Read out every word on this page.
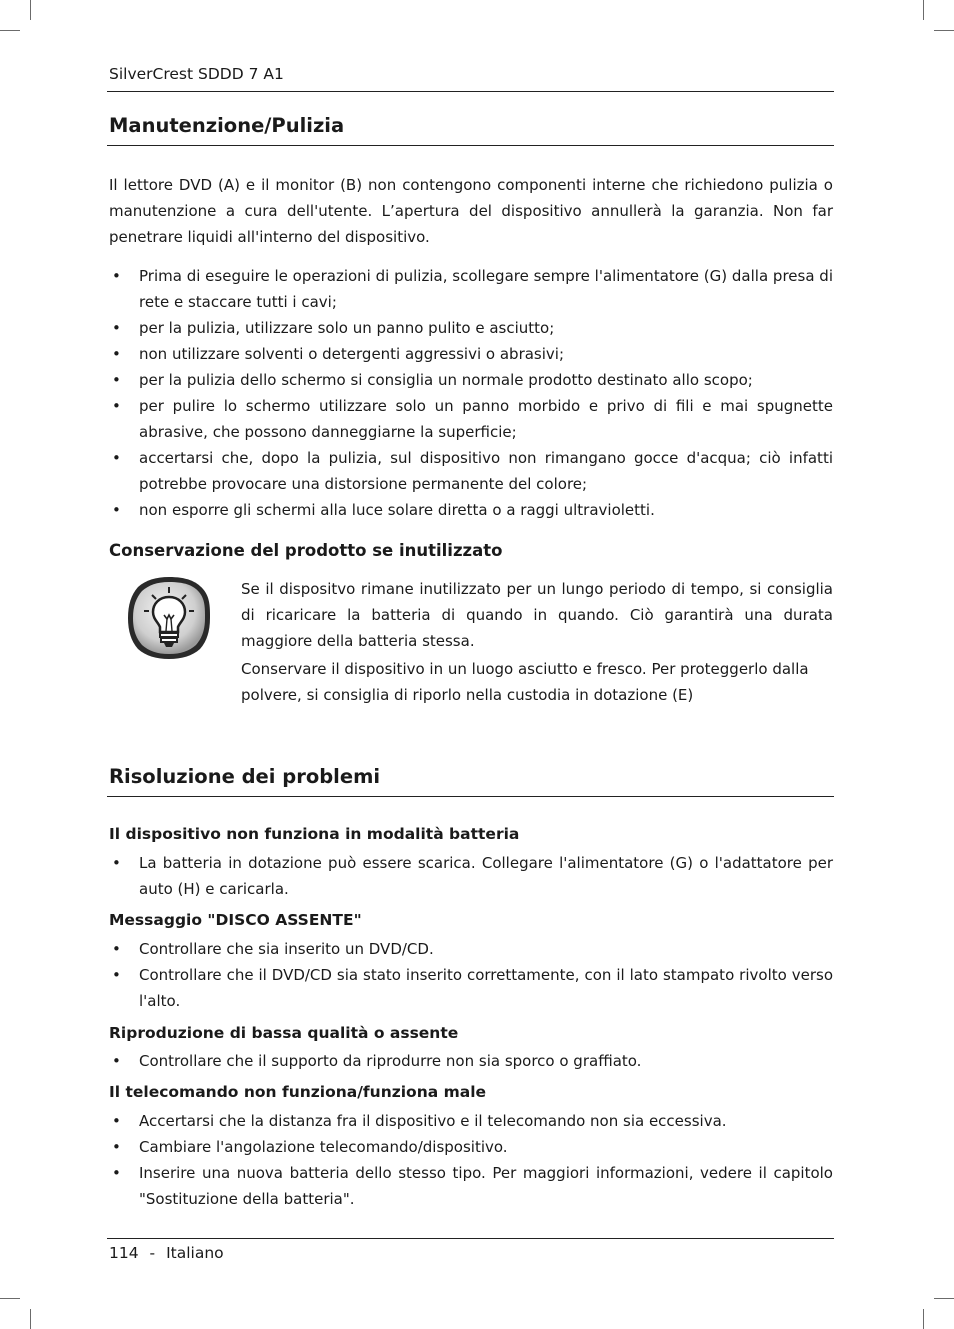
SilverCrest SDDD 7 A1
Manutenzione/Pulizia
Il lettore DVD (A) e il monitor (B) non contengono componenti interne che richiedono pulizia o manutenzione a cura dell'utente. L’apertura del dispositivo annullerà la garanzia. Non far penetrare liquidi all'interno del dispositivo.
• Prima di eseguire le operazioni di pulizia, scollegare sempre l'alimentatore (G) dalla presa di rete e staccare tutti i cavi;
• per la pulizia, utilizzare solo un panno pulito e asciutto;
• non utilizzare solventi o detergenti aggressivi o abrasivi;
• per la pulizia dello schermo si consiglia un normale prodotto destinato allo scopo;
• per pulire lo schermo utilizzare solo un panno morbido e privo di fili e mai spugnette abrasive, che possono danneggiarne la superficie;
• accertarsi che, dopo la pulizia, sul dispositivo non rimangano gocce d'acqua; ciò infatti potrebbe provocare una distorsione permanente del colore;
• non esporre gli schermi alla luce solare diretta o a raggi ultravioletti.
Conservazione del prodotto se inutilizzato
Se il dispositvo rimane inutilizzato per un lungo periodo di tempo, si consiglia di ricaricare la batteria di quando in quando. Ciò garantirà una durata maggiore della batteria stessa.
Conservare il dispositivo in un luogo asciutto e fresco. Per proteggerlo dalla polvere, si consiglia di riporlo nella custodia in dotazione (E)
Risoluzione dei problemi
Il dispositivo non funziona in modalità batteria
• La batteria in dotazione può essere scarica. Collegare l'alimentatore (G) o l'adattatore per auto (H) e caricarla.
Messaggio "DISCO ASSENTE"
• Controllare che sia inserito un DVD/CD.
• Controllare che il DVD/CD sia stato inserito correttamente, con il lato stampato rivolto verso l'alto.
Riproduzione di bassa qualità o assente
• Controllare che il supporto da riprodurre non sia sporco o graffiato.
Il telecomando non funziona/funziona male
• Accertarsi che la distanza fra il dispositivo e il telecomando non sia eccessiva.
• Cambiare l'angolazione telecomando/dispositivo.
• Inserire una nuova batteria dello stesso tipo. Per maggiori informazioni, vedere il capitolo "Sostituzione della batteria".
114 - Italiano
